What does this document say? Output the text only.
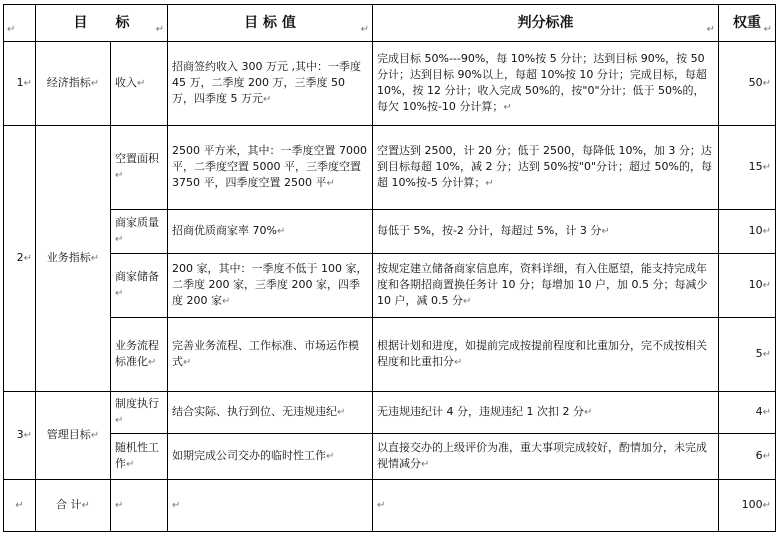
↵	目　　标 ↵		目 标 值 ↵	判分标准 ↵	权重 ↵

1↵	经济指标↵	收入↵	招商签约收入 300 万元 ,其中：一季度 45 万，二季度 200 万，三季度 50 万，四季度 5 万元↵	完成目标 50%---90%，每 10%按 5 分计；达到目标 90%，按 50 分计；达到目标 90%以上，每超 10%按 10 分计；完成目标，每超 10%，按 12 分计；收入完成 50%的，按"0"分计；低于 50%的，每欠 10%按-10 分计算；↵	50↵
2↵	业务指标↵	空置面积↵	2500 平方米，其中：一季度空置 7000 平，二季度空置 5000 平，三季度空置 3750 平，四季度空置 2500 平↵	空置达到 2500，计 20 分；低于 2500，每降低 10%，加 3 分；达到目标每超 10%，减 2 分；达到 50%按"0"分计；超过 50%的，每超 10%按-5 分计算；↵	15↵
		商家质量↵	招商优质商家率 70%↵	每低于 5%，按-2 分计，每超过 5%，计 3 分↵	10↵
		商家储备↵	200 家，其中：一季度不低于 100 家，二季度 200 家，三季度 200 家，四季度 200 家↵	按规定建立储备商家信息库，资料详细，有入住愿望，能支持完成年度和各期招商置换任务计 10 分；每增加 10 户，加 0.5 分；每减少 10 户，减 0.5 分↵	10↵
		业务流程标准化↵	完善业务流程、工作标准、市场运作模式↵	根据计划和进度，如提前完成按提前程度和比重加分，完不成按相关程度和比重扣分↵	5↵
3↵	管理目标↵	制度执行↵	结合实际、执行到位、无违规违纪↵	无违规违纪计 4 分，违规违纪 1 次扣 2 分↵	4↵
		随机性工作↵	如期完成公司交办的临时性工作↵	以直接交办的上级评价为准，重大事项完成较好，酌情加分，未完成视情减分↵	6↵
↵	合 计↵	↵	↵	↵	100↵
